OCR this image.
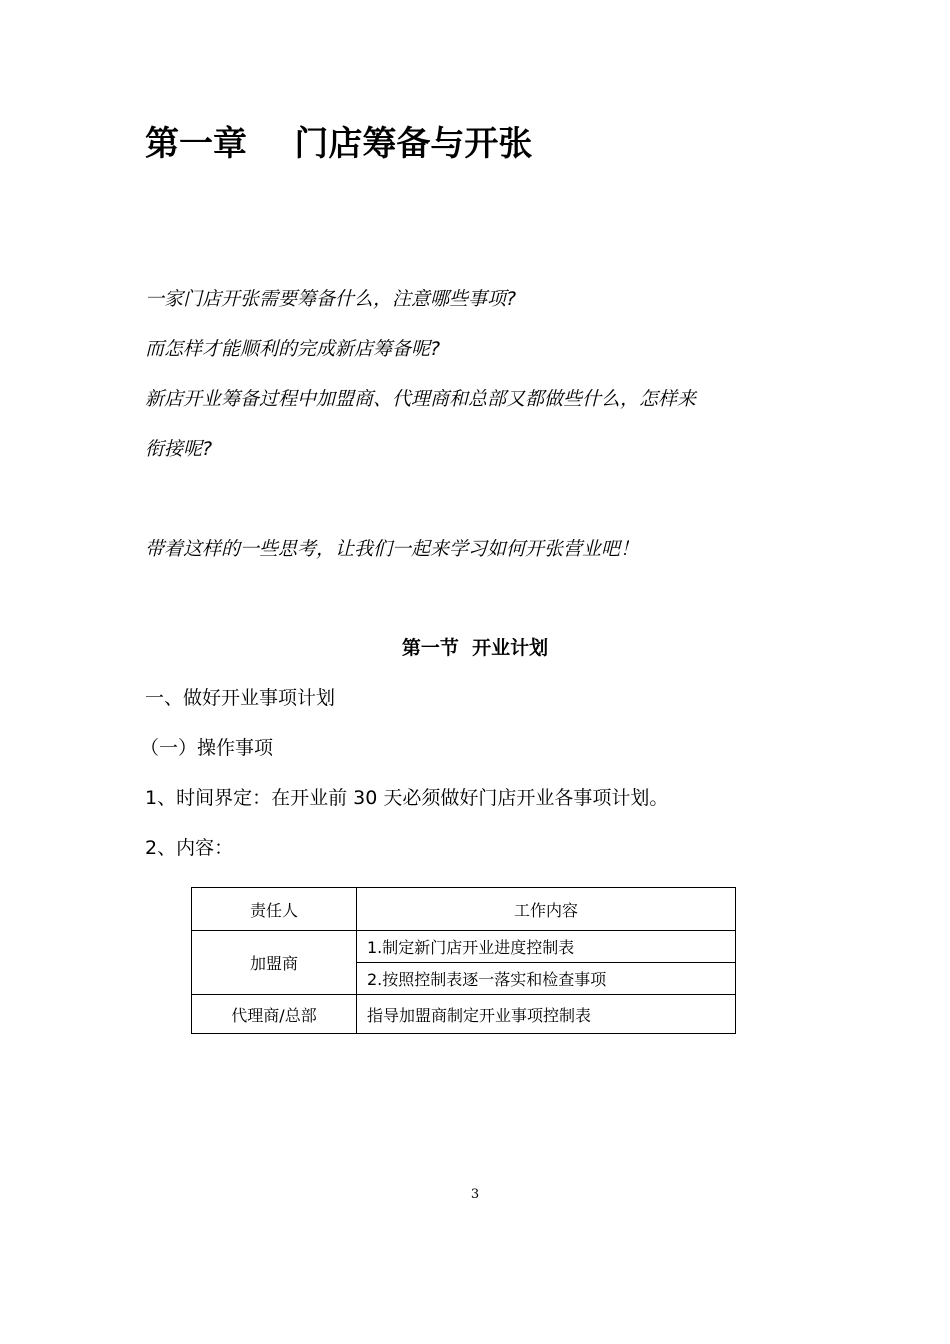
第一章    门店筹备与开张

一家门店开张需要筹备什么，注意哪些事项?

而怎样才能顺利的完成新店筹备呢?

新店开业筹备过程中加盟商、代理商和总部又都做些什么，怎样来

衔接呢?

带着这样的一些思考，让我们一起来学习如何开张营业吧！

第一节  开业计划

一、做好开业事项计划

（一）操作事项

1、时间界定：在开业前 30 天必须做好门店开业各事项计划。

2、内容：

责任人	工作内容
加盟商	1.制定新门店开业进度控制表
	2.按照控制表逐一落实和检查事项
代理商/总部	指导加盟商制定开业事项控制表
3
